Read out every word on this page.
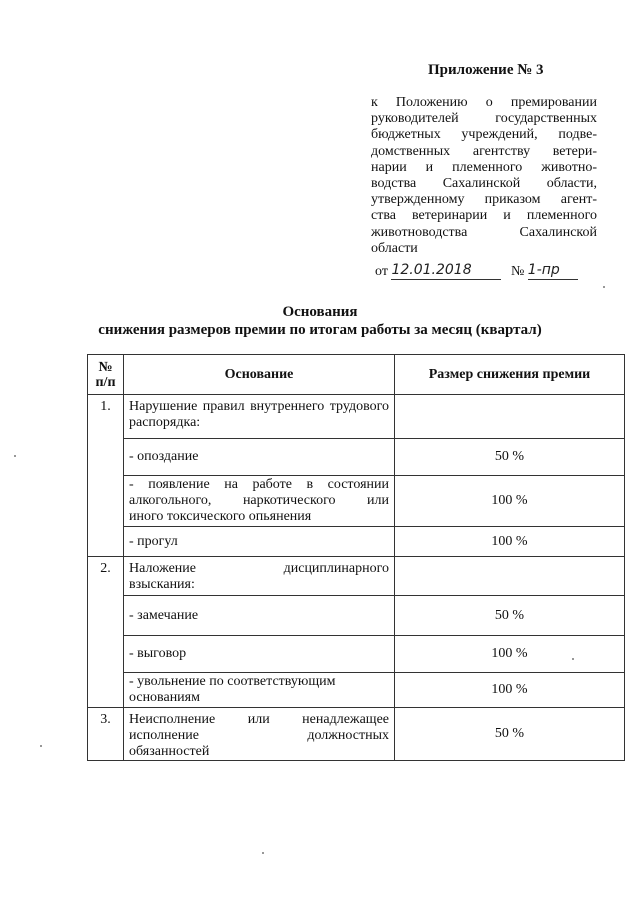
Приложение № 3
к Положению о премировании
руководителей государственных
бюджетных учреждений, подве-
домственных агентству ветери-
нарии и племенного животно-
водства Сахалинской области,
утвержденному приказом агент-
ства ветеринарии и племенного
животноводства Сахалинской
области
от 12.01.2018	№ 1-пр
Основания
снижения размеров премии по итогам работы за месяц (квартал)
№
п/п	Основание	Размер снижения премии
1.	Нарушение правил внутреннего трудового распорядка:	
	- опоздание	50 %

	- появление на работе в состоянии
алкогольного, наркотического или
иного токсического опьянения	100 %
	- прогул	100 %
2.	Наложение дисциплинарного
взыскания:	

	- замечание	50 %
	- выговор	100 %
	- увольнение по соответствующим основаниям	100 %
3.	Неисполнение или ненадлежащее
исполнение должностных
обязанностей	50 %
